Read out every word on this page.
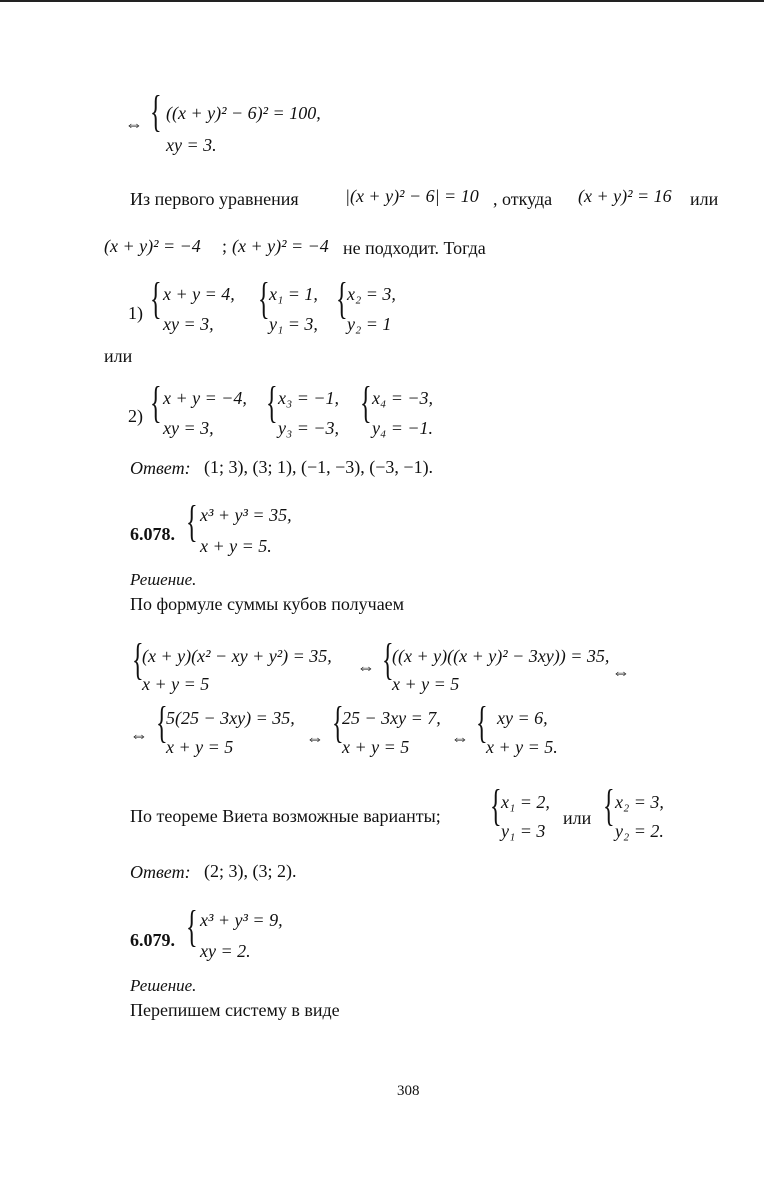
⇔ { ((x + y)² − 6)² = 100,
xy = 3.
Из первого уравнения	|(x + y)² − 6| = 10 , откуда (x + y)² = 16 или
(x + y)² = −4 ; (x + y)² = −4 не подходит. Тогда
1) { x + y = 4,
xy = 3,
{ x₁ = 1,
y₁ = 3,
{ x₂ = 3,
y₂ = 1
или
2) { x + y = −4,
xy = 3,
{ x₃ = −1,
y₃ = −3,
{ x₄ = −3,
y₄ = −1.
Ответ: (1; 3), (3; 1), (−1, −3), (−3, −1).
6.078. { x³ + y³ = 35,
x + y = 5.
Решение.
По формуле суммы кубов получаем
{
(x + y)(x² − xy + y²) = 35,
x + y = 5
⇔ {
((x + y)((x + y)² − 3xy)) = 35,
x + y = 5
⇔
⇔ {
5(25 − 3xy) = 35,
x + y = 5	⇔ {
25 − 3xy = 7,
x + y = 5 ⇔ { xy = 6,
x + y = 5.
По теореме Виета возможные варианты; { x₁ = 2,
y₁ = 3
или { x₂ = 3,
y₂ = 2.
Ответ: (2; 3), (3; 2).
6.079. { x³ + y³ = 9,
xy = 2.
Решение.
Перепишем систему в виде
308
